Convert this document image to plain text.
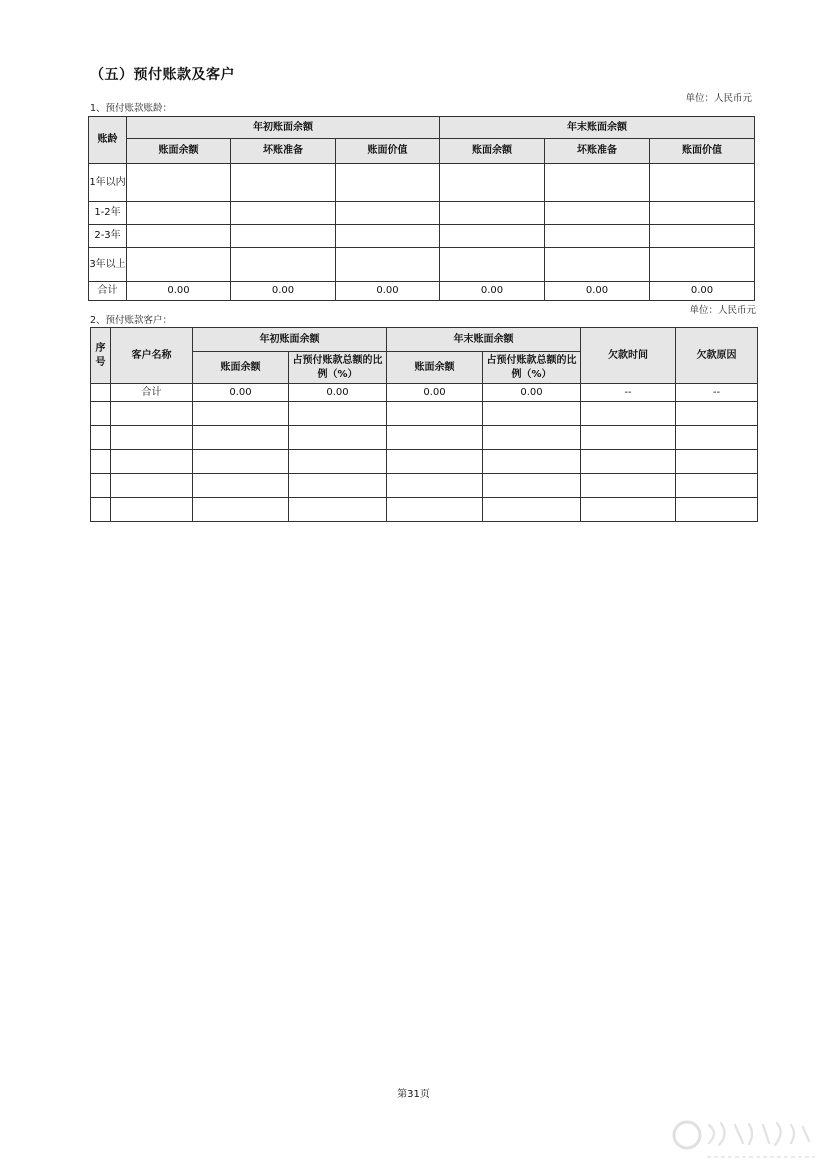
（五）预付账款及客户
1、预付账款账龄：
单位：人民币元
账龄	年初账面余额			年末账面余额		
	账面余额	坏账准备	账面价值	账面余额	坏账准备	账面价值
1年以内						
1-2年						
2-3年						
3年以上						
合计	0.00	0.00	0.00	0.00	0.00	0.00
2、预付账款客户：
单位：人民币元
序号	客户名称	年初账面余额		年末账面余额		欠款时间	欠款原因
		账面余额	占预付账款总额的比例（%）	账面余额	占预付账款总额的比例（%）		
	合计	0.00	0.00	0.00	0.00	--	--

第31页
